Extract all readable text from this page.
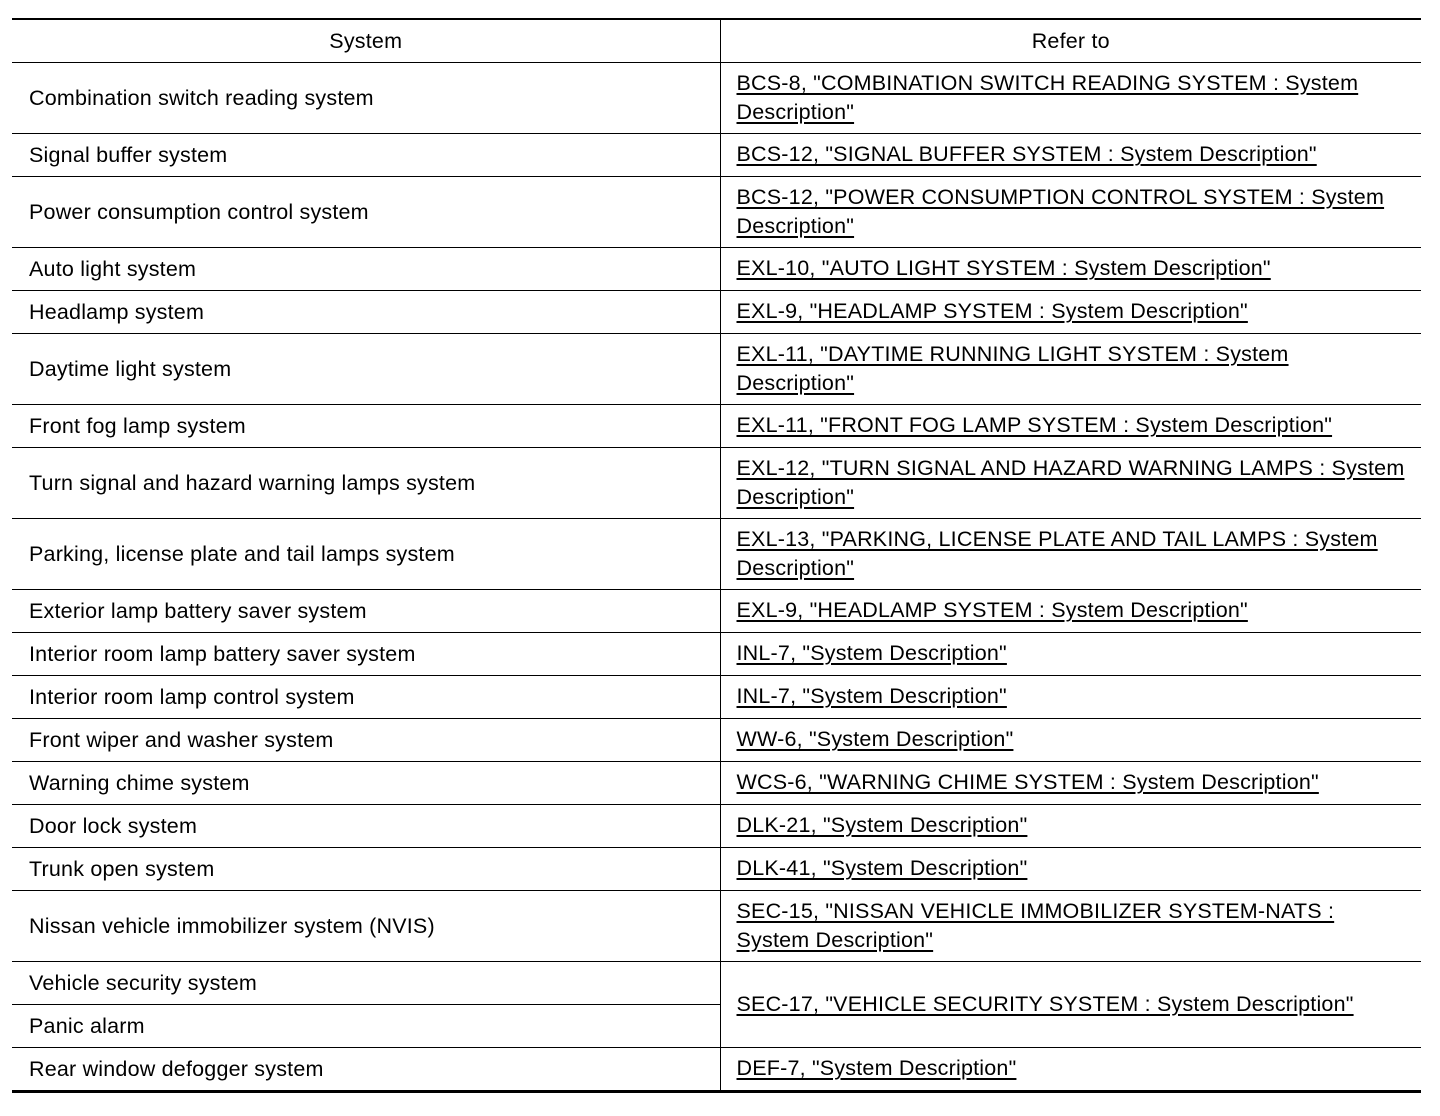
System	Refer to
Combination switch reading system	BCS-8, "COMBINATION SWITCH READING SYSTEM : System Description"
Signal buffer system	BCS-12, "SIGNAL BUFFER SYSTEM : System Description"
Power consumption control system	BCS-12, "POWER CONSUMPTION CONTROL SYSTEM : System Description"
Auto light system	EXL-10, "AUTO LIGHT SYSTEM : System Description"
Headlamp system	EXL-9, "HEADLAMP SYSTEM : System Description"
Daytime light system	EXL-11, "DAYTIME RUNNING LIGHT SYSTEM : System Description"
Front fog lamp system	EXL-11, "FRONT FOG LAMP SYSTEM : System Description"
Turn signal and hazard warning lamps system	EXL-12, "TURN SIGNAL AND HAZARD WARNING LAMPS : System Description"
Parking, license plate and tail lamps system	EXL-13, "PARKING, LICENSE PLATE AND TAIL LAMPS : System Description"
Exterior lamp battery saver system	EXL-9, "HEADLAMP SYSTEM : System Description"
Interior room lamp battery saver system	INL-7, "System Description"
Interior room lamp control system	INL-7, "System Description"
Front wiper and washer system	WW-6, "System Description"
Warning chime system	WCS-6, "WARNING CHIME SYSTEM : System Description"
Door lock system	DLK-21, "System Description"
Trunk open system	DLK-41, "System Description"
Nissan vehicle immobilizer system (NVIS)	SEC-15, "NISSAN VEHICLE IMMOBILIZER SYSTEM-NATS : System Description"
Vehicle security system	SEC-17, "VEHICLE SECURITY SYSTEM : System Description"
Panic alarm	
Rear window defogger system	DEF-7, "System Description"
